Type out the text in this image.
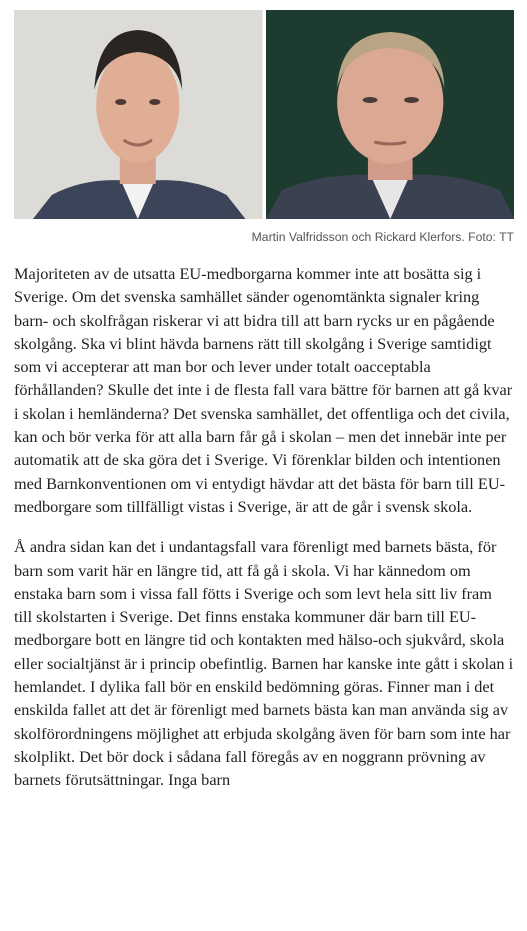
Martin Valfridsson och Rickard Klerfors. Foto: TT

Majoriteten av de utsatta EU-medborgarna kommer inte att bosätta sig i Sverige. Om det svenska samhället sänder ogenomtänkta signaler kring barn- och skolfrågan riskerar vi att bidra till att barn rycks ur en pågående skolgång. Ska vi blint hävda barnens rätt till skolgång i Sverige samtidigt som vi accepterar att man bor och lever under totalt oacceptabla förhållanden? Skulle det inte i de flesta fall vara bättre för barnen att gå kvar i skolan i hemländerna? Det svenska samhället, det offentliga och det civila, kan och bör verka för att alla barn får gå i skolan – men det innebär inte per automatik att de ska göra det i Sverige. Vi förenklar bilden och intentionen med Barnkonventionen om vi entydigt hävdar att det bästa för barn till EU-medborgare som tillfälligt vistas i Sverige, är att de går i svensk skola.

Å andra sidan kan det i undantagsfall vara förenligt med barnets bästa, för barn som varit här en längre tid, att få gå i skola. Vi har kännedom om enstaka barn som i vissa fall fötts i Sverige och som levt hela sitt liv fram till skolstarten i Sverige. Det finns enstaka kommuner där barn till EU-medborgare bott en längre tid och kontakten med hälso-och sjukvård, skola eller socialtjänst är i princip obefintlig. Barnen har kanske inte gått i skolan i hemlandet. I dylika fall bör en enskild bedömning göras. Finner man i det enskilda fallet att det är förenligt med barnets bästa kan man använda sig av skolförordningens möjlighet att erbjuda skolgång även för barn som inte har skolplikt. Det bör dock i sådana fall föregås av en noggrann prövning av barnets förutsättningar. Inga barn
